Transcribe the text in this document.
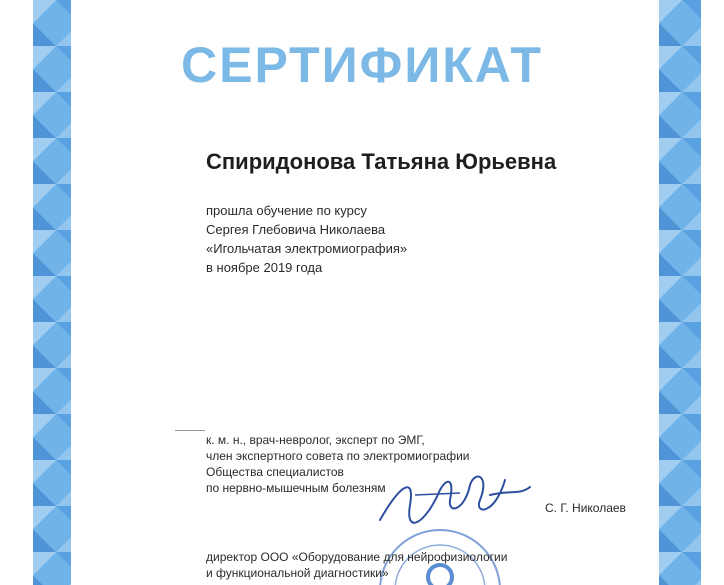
СЕРТИФИКАТ
Спиридонова Татьяна Юрьевна
прошла обучение по курсу
Сергея Глебовича Николаева
«Игольчатая электромиография»
в ноябре 2019 года
к. м. н., врач-невролог, эксперт по ЭМГ,
член экспертного совета по электромиографии
Общества специалистов
по нервно-мышечным болезням
С. Г. Николаев
директор ООО «Оборудование для нейрофизиологии
и функциональной диагностики»
